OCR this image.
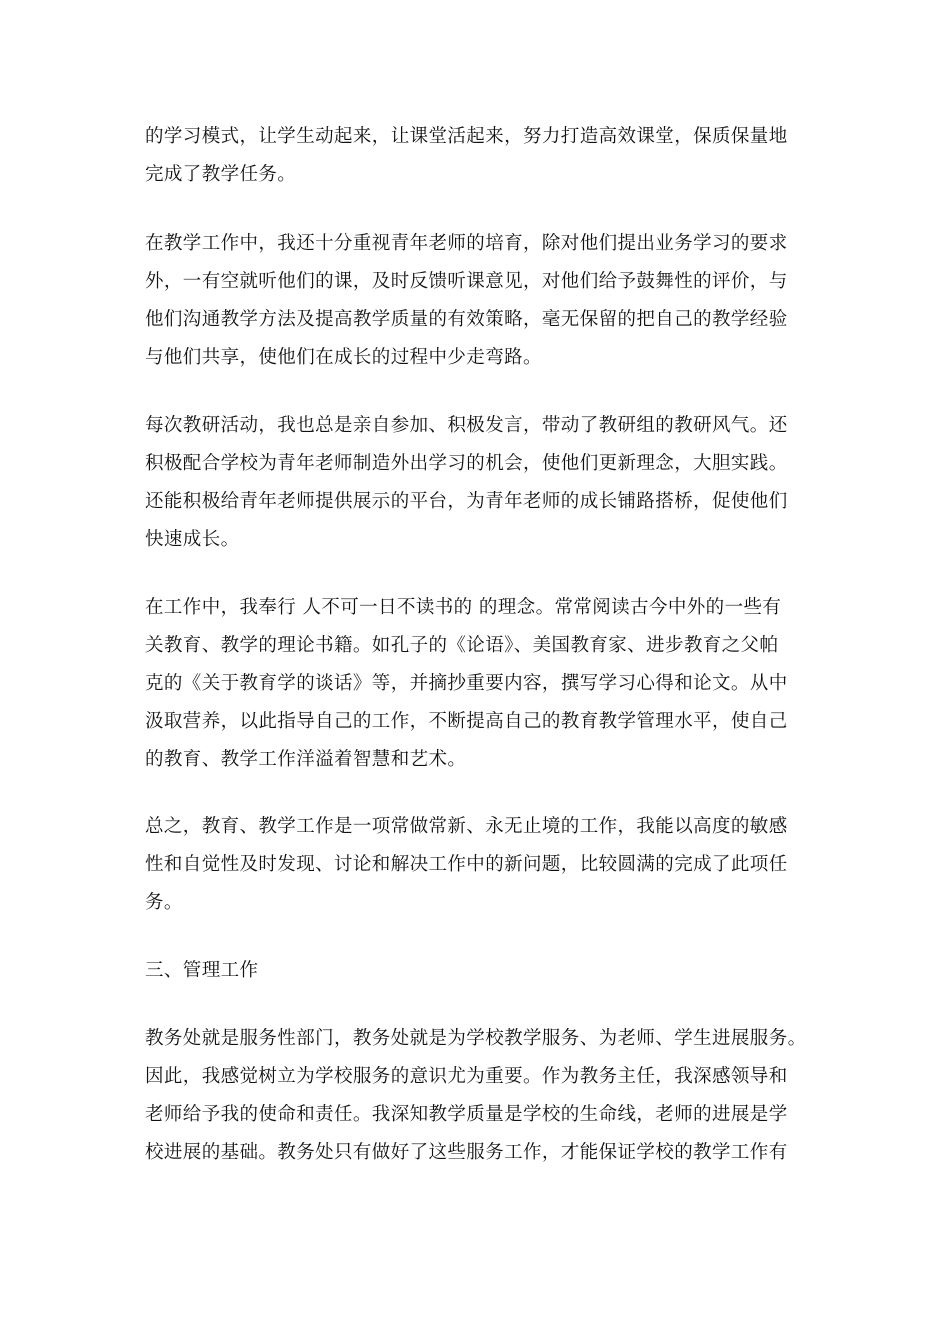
的学习模式，让学生动起来，让课堂活起来，努力打造高效课堂，保质保量地
完成了教学任务。
在教学工作中，我还十分重视青年老师的培育，除对他们提出业务学习的要求
外，一有空就听他们的课，及时反馈听课意见，对他们给予鼓舞性的评价，与
他们沟通教学方法及提高教学质量的有效策略，毫无保留的把自己的教学经验
与他们共享，使他们在成长的过程中少走弯路。
每次教研活动，我也总是亲自参加、积极发言，带动了教研组的教研风气。还
积极配合学校为青年老师制造外出学习的机会，使他们更新理念，大胆实践。
还能积极给青年老师提供展示的平台，为青年老师的成长铺路搭桥，促使他们
快速成长。
在工作中，我奉行 人不可一日不读书的 的理念。常常阅读古今中外的一些有
关教育、教学的理论书籍。如孔子的《论语》、美国教育家、进步教育之父帕
克的《关于教育学的谈话》等，并摘抄重要内容，撰写学习心得和论文。从中
汲取营养，以此指导自己的工作，不断提高自己的教育教学管理水平，使自己
的教育、教学工作洋溢着智慧和艺术。
总之，教育、教学工作是一项常做常新、永无止境的工作，我能以高度的敏感
性和自觉性及时发现、讨论和解决工作中的新问题，比较圆满的完成了此项任
务。
三、管理工作
教务处就是服务性部门，教务处就是为学校教学服务、为老师、学生进展服务。
因此，我感觉树立为学校服务的意识尤为重要。作为教务主任，我深感领导和
老师给予我的使命和责任。我深知教学质量是学校的生命线，老师的进展是学
校进展的基础。教务处只有做好了这些服务工作，才能保证学校的教学工作有
